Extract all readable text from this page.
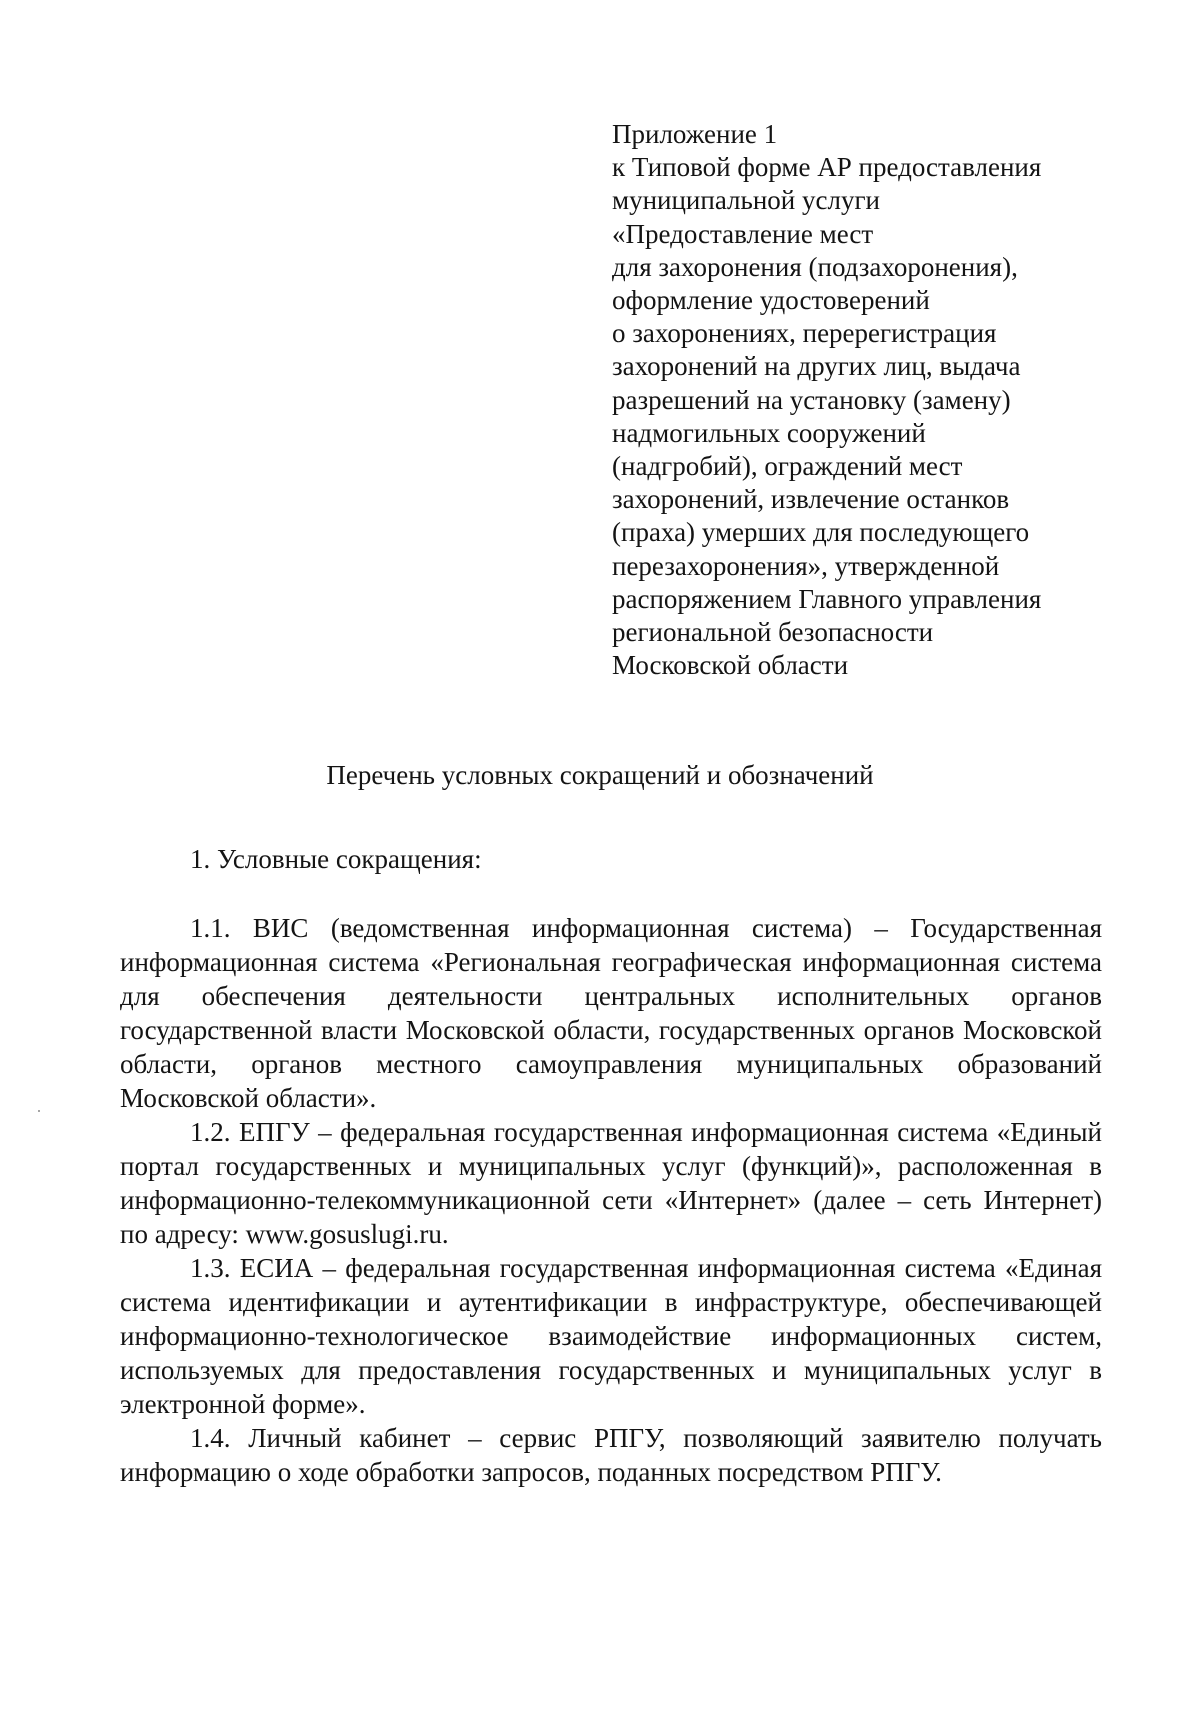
Приложение 1
к Типовой форме АР предоставления
муниципальной услуги
«Предоставление мест
для захоронения (подзахоронения),
оформление удостоверений
о захоронениях, перерегистрация
захоронений на других лиц, выдача
разрешений на установку (замену)
надмогильных сооружений
(надгробий), ограждений мест
захоронений, извлечение останков
(праха) умерших для последующего
перезахоронения», утвержденной
распоряжением Главного управления
региональной безопасности
Московской области
Перечень условных сокращений и обозначений
1. Условные сокращения:

1.1. ВИС (ведомственная информационная система) – Государственная информационная система «Региональная географическая информационная система для обеспечения деятельности центральных исполнительных органов государственной власти Московской области, государственных органов Московской области, органов местного самоуправления муниципальных образований Московской области».

1.2. ЕПГУ – федеральная государственная информационная система «Единый портал государственных и муниципальных услуг (функций)», расположенная в информационно-телекоммуникационной сети «Интернет» (далее – сеть Интернет) по адресу: www.gosuslugi.ru.

1.3. ЕСИА – федеральная государственная информационная система «Единая система идентификации и аутентификации в инфраструктуре, обеспечивающей информационно-технологическое взаимодействие информационных систем, используемых для предоставления государственных и муниципальных услуг в электронной форме».

1.4. Личный кабинет – сервис РПГУ, позволяющий заявителю получать информацию о ходе обработки запросов, поданных посредством РПГУ.
